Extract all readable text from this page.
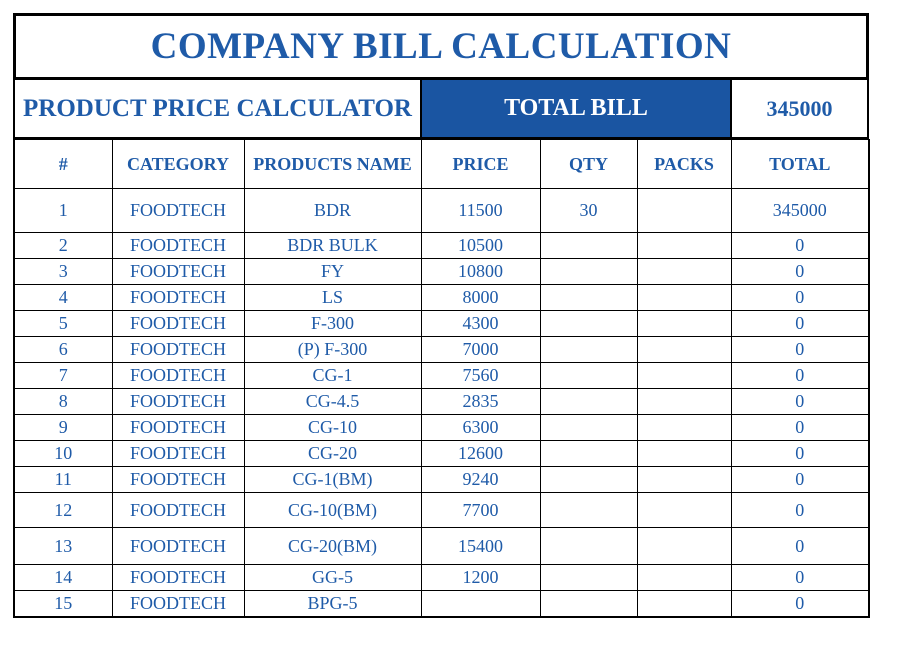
COMPANY BILL CALCULATION
PRODUCT PRICE CALCULATOR	TOTAL BILL	345000
#	CATEGORY	PRODUCTS NAME	PRICE	QTY	PACKS	TOTAL
1	FOODTECH	BDR	11500	30		345000
2	FOODTECH	BDR BULK	10500			0
3	FOODTECH	FY	10800			0
4	FOODTECH	LS	8000			0
5	FOODTECH	F-300	4300			0
6	FOODTECH	(P) F-300	7000			0
7	FOODTECH	CG-1	7560			0
8	FOODTECH	CG-4.5	2835			0
9	FOODTECH	CG-10	6300			0
10	FOODTECH	CG-20	12600			0
11	FOODTECH	CG-1(BM)	9240			0
12	FOODTECH	CG-10(BM)	7700			0
13	FOODTECH	CG-20(BM)	15400			0
14	FOODTECH	GG-5	1200			0
15	FOODTECH	BPG-5				0
